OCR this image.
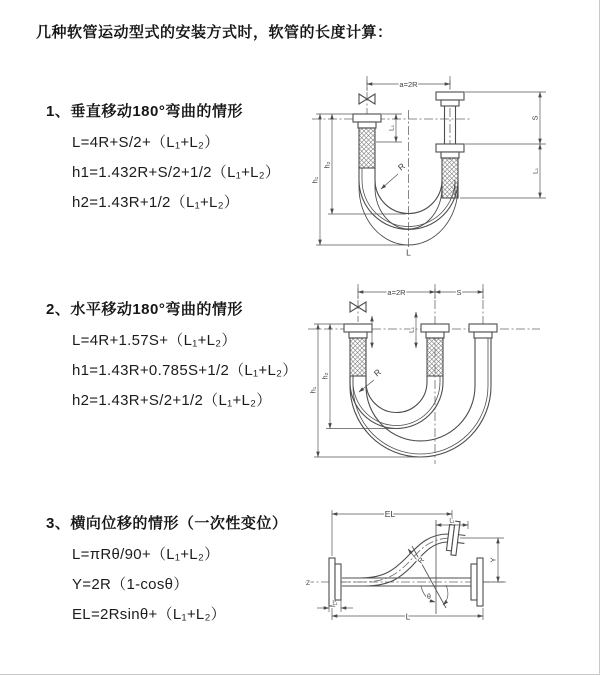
几种软管运动型式的安装方式时，软管的长度计算：
1、垂直移动180°弯曲的情形
L=4R+S/2+（L₁+L₂）
h1=1.432R+S/2+1/2（L₁+L₂）
h2=1.43R+1/2（L₁+L₂）
a=2R
S
L₁
L₁
h₁
h₂	R
L
2、水平移动180°弯曲的情形
L=4R+1.57S+（L₁+L₂）
h1=1.43R+0.785S+1/2（L₁+L₂）
h2=1.43R+S/2+1/2（L₁+L₂）
a=2R	S
L₁
h₁
h₂	R
3、横向位移的情形（一次性变位）
L=πRθ/90+（L₁+L₂）
Y=2R（1-cosθ）
EL=2Rsinθ+（L₁+L₂）
EL
L₁
Y
R
θ
L
L₁
Z
